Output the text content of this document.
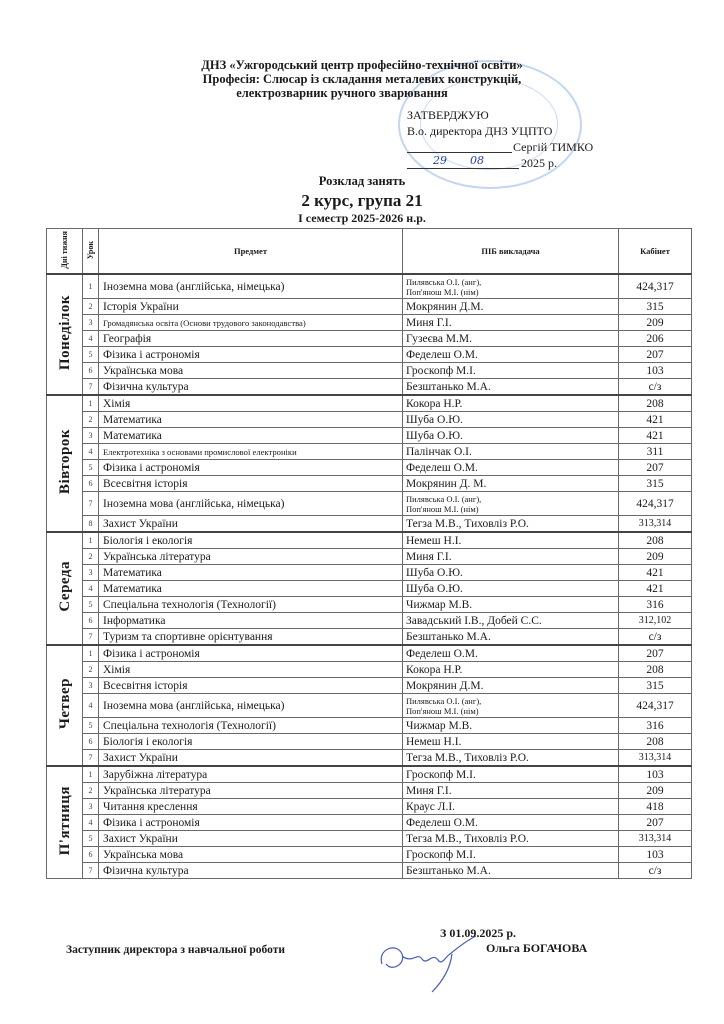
ДНЗ «Ужгородський центр професійно-технічної освіти»
Професія: Слюсар із складання металевих конструкцій,
електрозварник ручного зварювання
ЗАТВЕРДЖУЮ
В.о. директора ДНЗ УЦПТО
Сергій ТИМКО
29 08	2025 р.
Розклад занять
2 курс, група 21
І семестр 2025-2026 н.р.
Дні тижня	Урок	Предмет	ПІБ викладача	Кабінет
Понеділок	1	Іноземна мова (англійська, німецька)	Пилявська О.І. (анг),
Поп'янош М.І. (нім)	424,317
	2	Історія України	Мокрянин Д.М.	315
	3	Громадянська освіта (Основи трудового законодавства)	Миня Г.І.	209
	4	Географія	Гузеєва М.М.	206
	5	Фізика і астрономія	Феделеш О.М.	207
	6	Українська мова	Гроскопф М.І.	103
	7	Фізична культура	Безштанько М.А.	с/з
Вівторок	1	Хімія	Кокора Н.Р.	208
	2	Математика	Шуба О.Ю.	421
	3	Математика	Шуба О.Ю.	421
	4	Електротехніка з основами промислової електроніки	Палінчак О.І.	311
	5	Фізика і астрономія	Феделеш О.М.	207
	6	Всесвітня історія	Мокрянин Д. М.	315
	7	Іноземна мова (англійська, німецька)	Пилявська О.І. (анг),
Поп'янош М.І. (нім)	424,317
	8	Захист України	Тегза М.В., Тиховліз Р.О.	313,314
Середа	1	Біологія і екологія	Немеш Н.І.	208
	2	Українська література	Миня Г.І.	209
	3	Математика	Шуба О.Ю.	421
	4	Математика	Шуба О.Ю.	421
	5	Спеціальна технологія (Технології)	Чижмар М.В.	316
	6	Інформатика	Завадський І.В., Добей С.С.	312,102
	7	Туризм та спортивне орієнтування	Безштанько М.А.	с/з
Четвер	1	Фізика і астрономія	Феделеш О.М.	207
	2	Хімія	Кокора Н.Р.	208
	3	Всесвітня історія	Мокрянин Д.М.	315
	4	Іноземна мова (англійська, німецька)	Пилявська О.І. (анг),
Поп'янош М.І. (нім)	424,317
	5	Спеціальна технологія (Технології)	Чижмар М.В.	316
	6	Біологія і екологія	Немеш Н.І.	208
	7	Захист України	Тегза М.В., Тиховліз Р.О.	313,314
П'ятниця	1	Зарубіжна література	Гроскопф М.І.	103
	2	Українська література	Миня Г.І.	209
	3	Читання креслення	Краус Л.І.	418
	4	Фізика і астрономія	Феделеш О.М.	207
	5	Захист України	Тегза М.В., Тиховліз Р.О.	313,314
	6	Українська мова	Гроскопф М.І.	103
	7	Фізична культура	Безштанько М.А.	с/з
З 01.09.2025 р.
Заступник директора з навчальної роботи	Ольга БОГАЧОВА
